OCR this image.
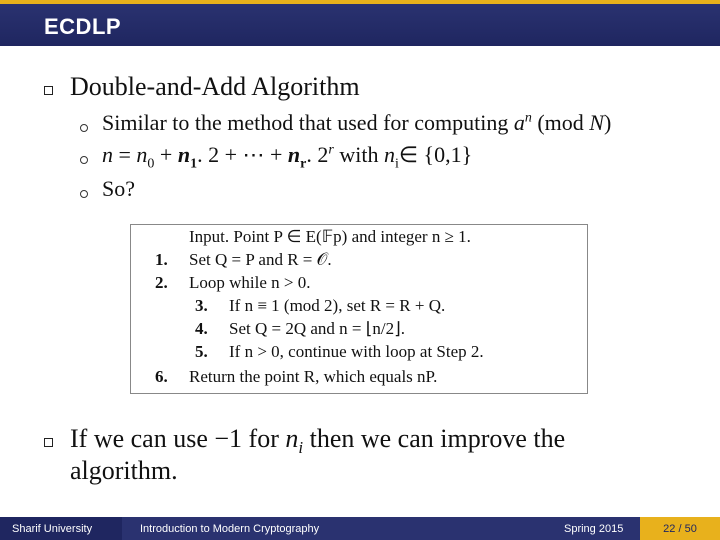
ECDLP
Double-and-Add Algorithm
Similar to the method that used for computing $a^n$ (mod N)
$n = n_0 + n_1$. 2 + ⋯ + $n_r$. 2$^r$ with $n_i\in$ {0,1}
So?
Input. Point P ∈ E(𝔽p) and integer n ≥ 1.
1. Set Q = P and R = 𝒪.
2. Loop while n > 0.
3. If n ≡ 1 (mod 2), set R = R + Q.
4. Set Q = 2Q and n = ⌊n/2⌋.
5. If n > 0, continue with loop at Step 2.
6. Return the point R, which equals nP.
If we can use −1 for $n_i$ then we can improve the
algorithm.
Sharif University	Introduction to Modern Cryptography	Spring 2015	22 / 50
